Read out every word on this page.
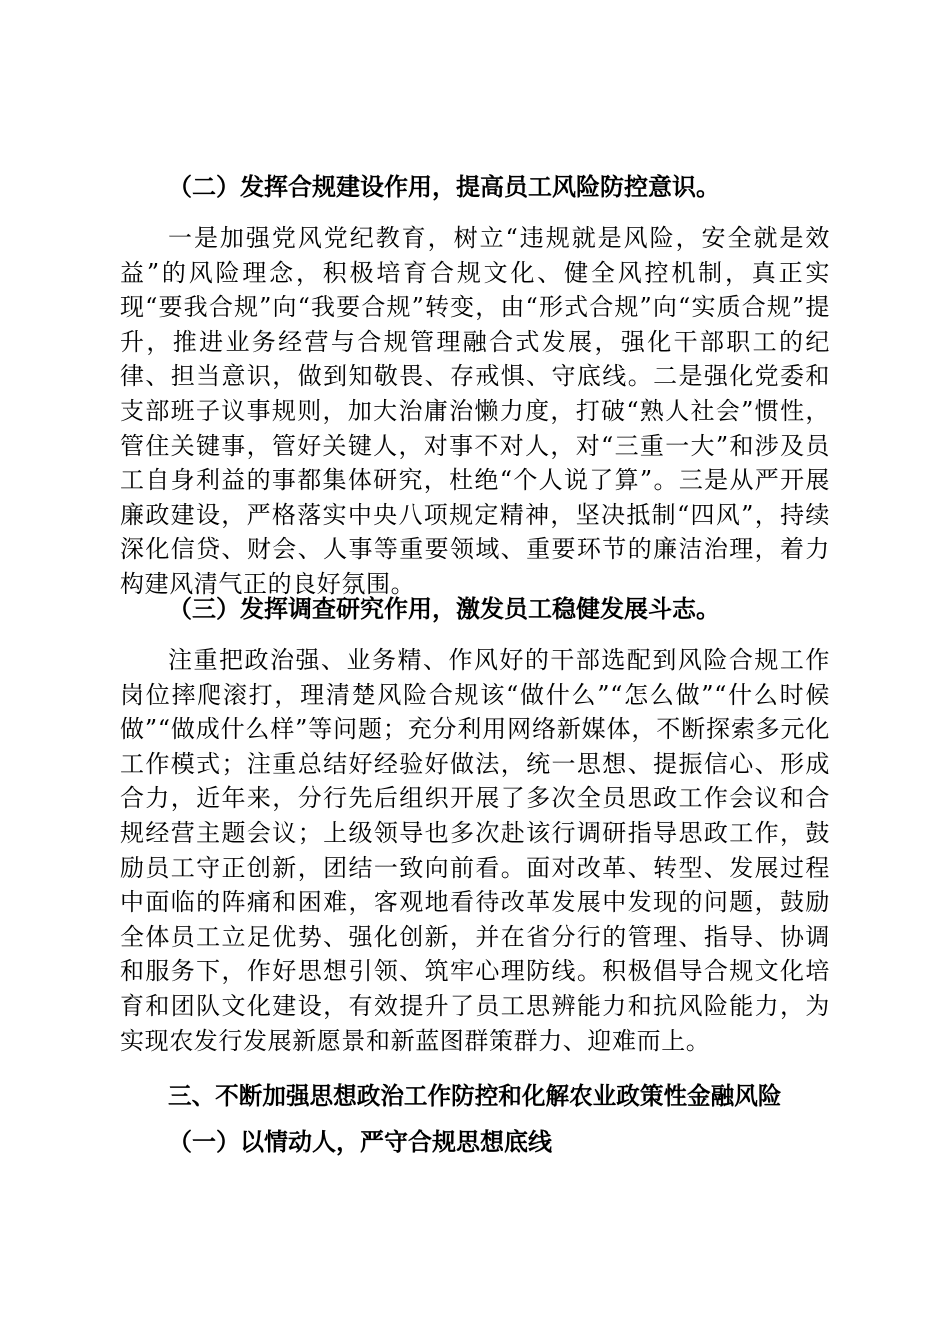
（二）发挥合规建设作用，提高员工风险防控意识。
一是加强党风党纪教育，树立“违规就是风险，安全就是效益”的风险理念，积极培育合规文化、健全风控机制，真正实现“要我合规”向“我要合规”转变，由“形式合规”向“实质合规”提升，推进业务经营与合规管理融合式发展，强化干部职工的纪律、担当意识，做到知敬畏、存戒惧、守底线。二是强化党委和支部班子议事规则，加大治庸治懒力度，打破“熟人社会”惯性，管住关键事，管好关键人，对事不对人，对“三重一大”和涉及员工自身利益的事都集体研究，杜绝“个人说了算”。三是从严开展廉政建设，严格落实中央八项规定精神，坚决抵制“四风”，持续深化信贷、财会、人事等重要领域、重要环节的廉洁治理，着力构建风清气正的良好氛围。
（三）发挥调查研究作用，激发员工稳健发展斗志。
注重把政治强、业务精、作风好的干部选配到风险合规工作岗位摔爬滚打，理清楚风险合规该“做什么”“怎么做”“什么时候做”“做成什么样”等问题；充分利用网络新媒体，不断探索多元化工作模式；注重总结好经验好做法，统一思想、提振信心、形成合力，近年来，分行先后组织开展了多次全员思政工作会议和合规经营主题会议；上级领导也多次赴该行调研指导思政工作，鼓励员工守正创新，团结一致向前看。面对改革、转型、发展过程中面临的阵痛和困难，客观地看待改革发展中发现的问题，鼓励全体员工立足优势、强化创新，并在省分行的管理、指导、协调和服务下，作好思想引领、筑牢心理防线。积极倡导合规文化培育和团队文化建设，有效提升了员工思辨能力和抗风险能力，为实现农发行发展新愿景和新蓝图群策群力、迎难而上。
三、不断加强思想政治工作防控和化解农业政策性金融风险
（一）以情动人，严守合规思想底线
